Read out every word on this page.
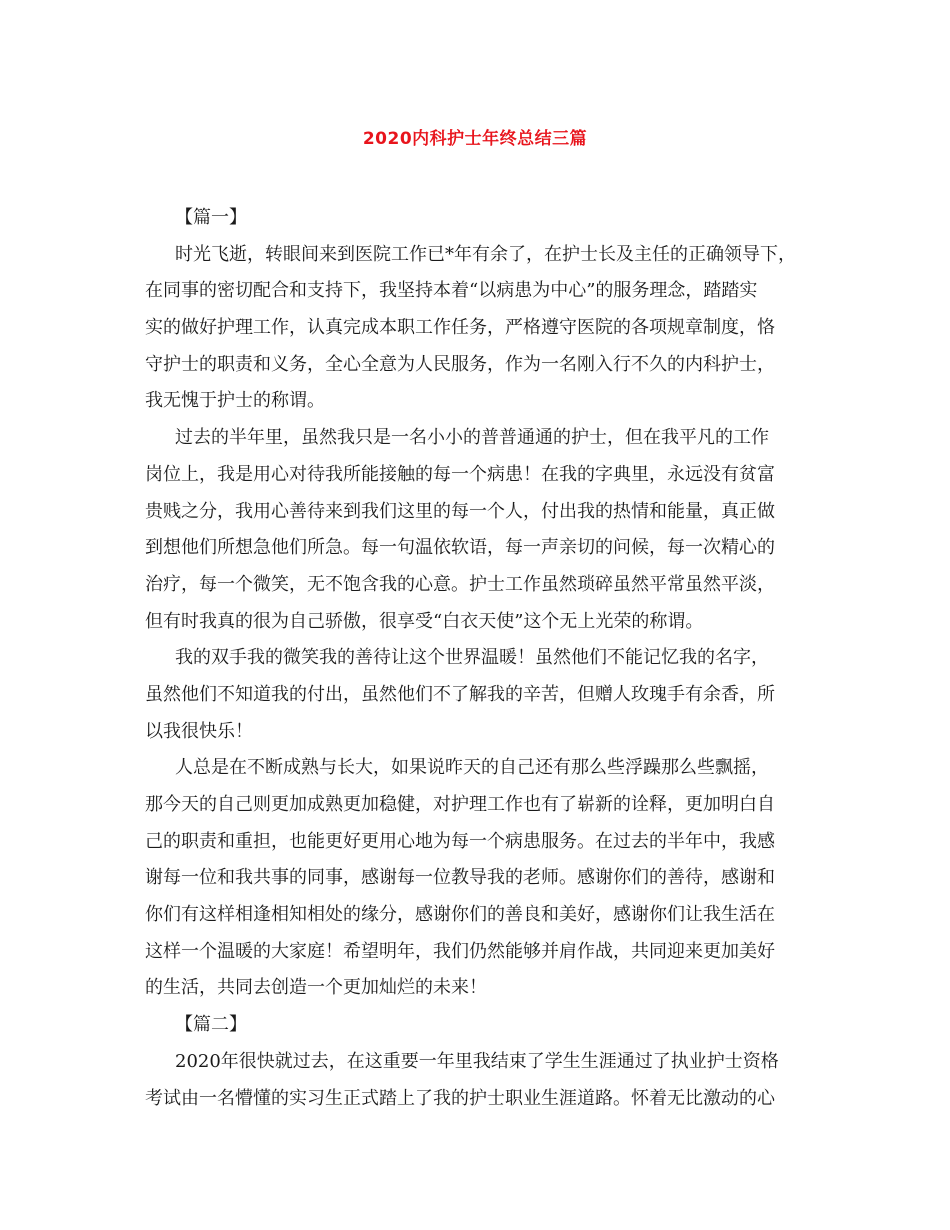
2020内科护士年终总结三篇
【篇一】
时光飞逝，转眼间来到医院工作已*年有余了，在护士长及主任的正确领导下，
在同事的密切配合和支持下，我坚持本着“以病患为中心”的服务理念，踏踏实
实的做好护理工作，认真完成本职工作任务，严格遵守医院的各项规章制度，恪
守护士的职责和义务，全心全意为人民服务，作为一名刚入行不久的内科护士，
我无愧于护士的称谓。
过去的半年里，虽然我只是一名小小的普普通通的护士，但在我平凡的工作
岗位上，我是用心对待我所能接触的每一个病患！在我的字典里，永远没有贫富
贵贱之分，我用心善待来到我们这里的每一个人，付出我的热情和能量，真正做
到想他们所想急他们所急。每一句温依软语，每一声亲切的问候，每一次精心的
治疗，每一个微笑，无不饱含我的心意。护士工作虽然琐碎虽然平常虽然平淡，
但有时我真的很为自己骄傲，很享受“白衣天使”这个无上光荣的称谓。
我的双手我的微笑我的善待让这个世界温暖！虽然他们不能记忆我的名字，
虽然他们不知道我的付出，虽然他们不了解我的辛苦，但赠人玫瑰手有余香，所
以我很快乐！
人总是在不断成熟与长大，如果说昨天的自己还有那么些浮躁那么些飘摇，
那今天的自己则更加成熟更加稳健，对护理工作也有了崭新的诠释，更加明白自
己的职责和重担，也能更好更用心地为每一个病患服务。在过去的半年中，我感
谢每一位和我共事的同事，感谢每一位教导我的老师。感谢你们的善待，感谢和
你们有这样相逢相知相处的缘分，感谢你们的善良和美好，感谢你们让我生活在
这样一个温暖的大家庭！希望明年，我们仍然能够并肩作战，共同迎来更加美好
的生活，共同去创造一个更加灿烂的未来！
【篇二】
2020年很快就过去，在这重要一年里我结束了学生生涯通过了执业护士资格
考试由一名懵懂的实习生正式踏上了我的护士职业生涯道路。怀着无比激动的心
